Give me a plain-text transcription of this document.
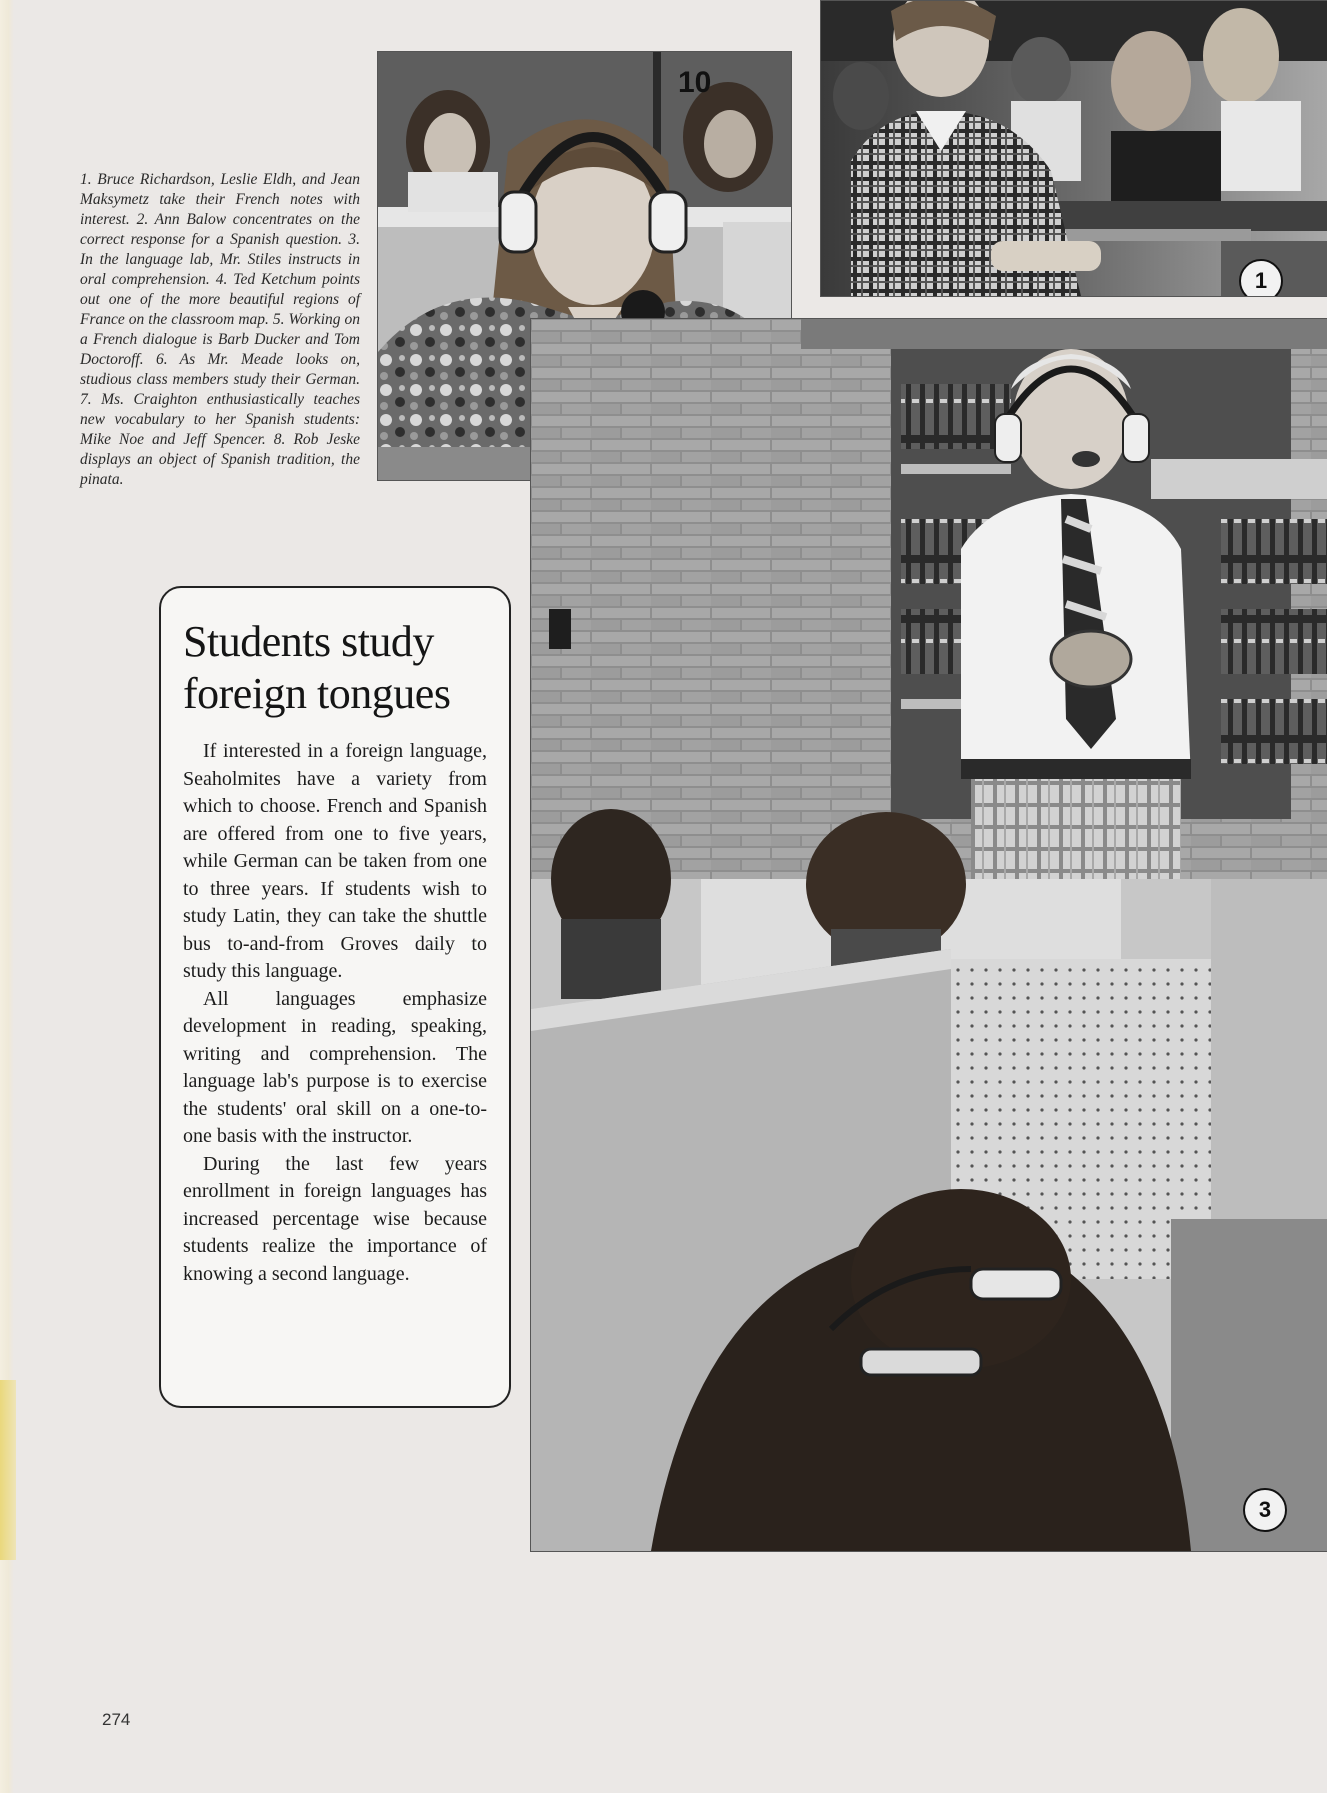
1. Bruce Richardson, Leslie Eldh, and Jean Maksymetz take their French notes with interest. 2. Ann Balow concentrates on the correct response for a Spanish question. 3. In the language lab, Mr. Stiles instructs in oral comprehension. 4. Ted Ketchum points out one of the more beautiful regions of France on the classroom map. 5. Working on a French dialogue is Barb Ducker and Tom Doctoroff. 6. As Mr. Meade looks on, studious class members study their German. 7. Ms. Craighton enthusiastically teaches new vocabulary to her Spanish students: Mike Noe and Jeff Spencer. 8. Rob Jeske displays an object of Spanish tradition, the pinata.
1
10
3
Students study foreign tongues

If interested in a foreign language, Seaholmites have a variety from which to choose. French and Spanish are offered from one to five years, while German can be taken from one to three years. If students wish to study Latin, they can take the shuttle bus to-and-from Groves daily to study this language.

All languages emphasize development in reading, speaking, writing and comprehension. The language lab's purpose is to exercise the students' oral skill on a one-to-one basis with the instructor.

During the last few years enrollment in foreign languages has increased percentage wise because students realize the importance of knowing a second language.

274
